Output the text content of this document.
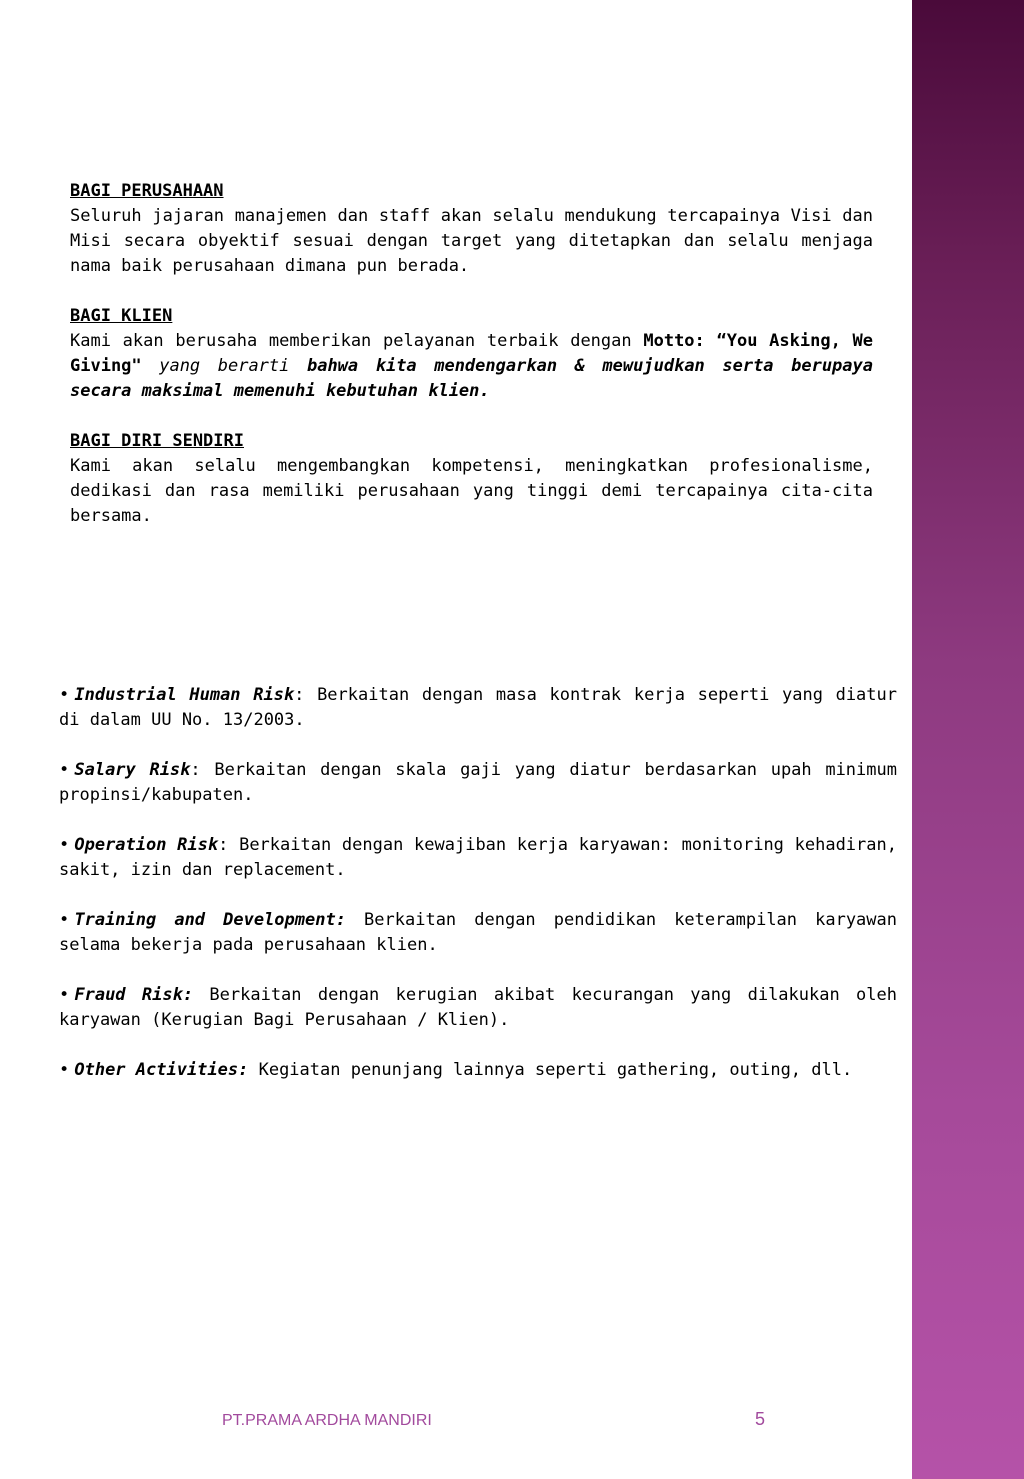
BAGI PERUSAHAAN

Seluruh jajaran manajemen dan staff akan selalu mendukung tercapainya Visi dan Misi secara obyektif sesuai dengan target yang ditetapkan dan selalu menjaga nama baik perusahaan dimana pun berada.

BAGI KLIEN

Kami akan berusaha memberikan pelayanan terbaik dengan Motto: “You Asking, We Giving" yang berarti bahwa kita mendengarkan & mewujudkan serta berupaya secara maksimal memenuhi kebutuhan klien.

BAGI DIRI SENDIRI

Kami akan selalu mengembangkan kompetensi, meningkatkan profesionalisme, dedikasi dan rasa memiliki perusahaan yang tinggi demi tercapainya cita-cita bersama.

• Industrial Human Risk: Berkaitan dengan masa kontrak kerja seperti yang diatur di dalam UU No. 13/2003.

• Salary Risk: Berkaitan dengan skala gaji yang diatur berdasarkan upah minimum propinsi/kabupaten.

• Operation Risk: Berkaitan dengan kewajiban kerja karyawan: monitoring kehadiran, sakit, izin dan replacement.

• Training and Development: Berkaitan dengan pendidikan keterampilan karyawan selama bekerja pada perusahaan klien.

• Fraud Risk: Berkaitan dengan kerugian akibat kecurangan yang dilakukan oleh karyawan (Kerugian Bagi Perusahaan / Klien).

• Other Activities: Kegiatan penunjang lainnya seperti gathering, outing, dll.

PT.PRAMA ARDHA MANDIRI	5
